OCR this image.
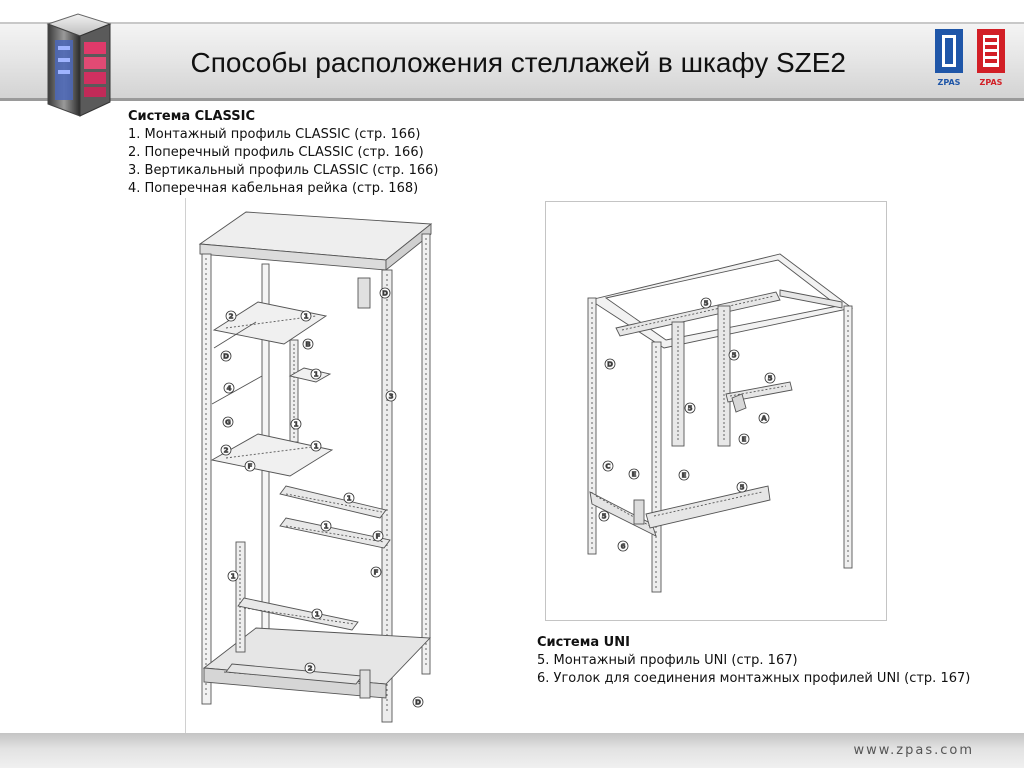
Способы расположения стеллажей в шкафу SZE2
ZPAS ZPAS
Система CLASSIC
1. Монтажный профиль CLASSIC (стр. 166)
2. Поперечный профиль CLASSIC (стр. 166)
3. Вертикальный профиль CLASSIC (стр. 166)
4. Поперечная кабельная рейка (стр. 168)
2	1
D
D
B
1
4
3
1
G
2	1
F
1
1
F
F
1
1
2
D
5
D
5
5
5
A
E
C
E	E
5
5
6
Система UNI
5. Монтажный профиль UNI (стр. 167)
6. Уголок для соединения монтажных профилей UNI (стр. 167)
www.zpas.com
